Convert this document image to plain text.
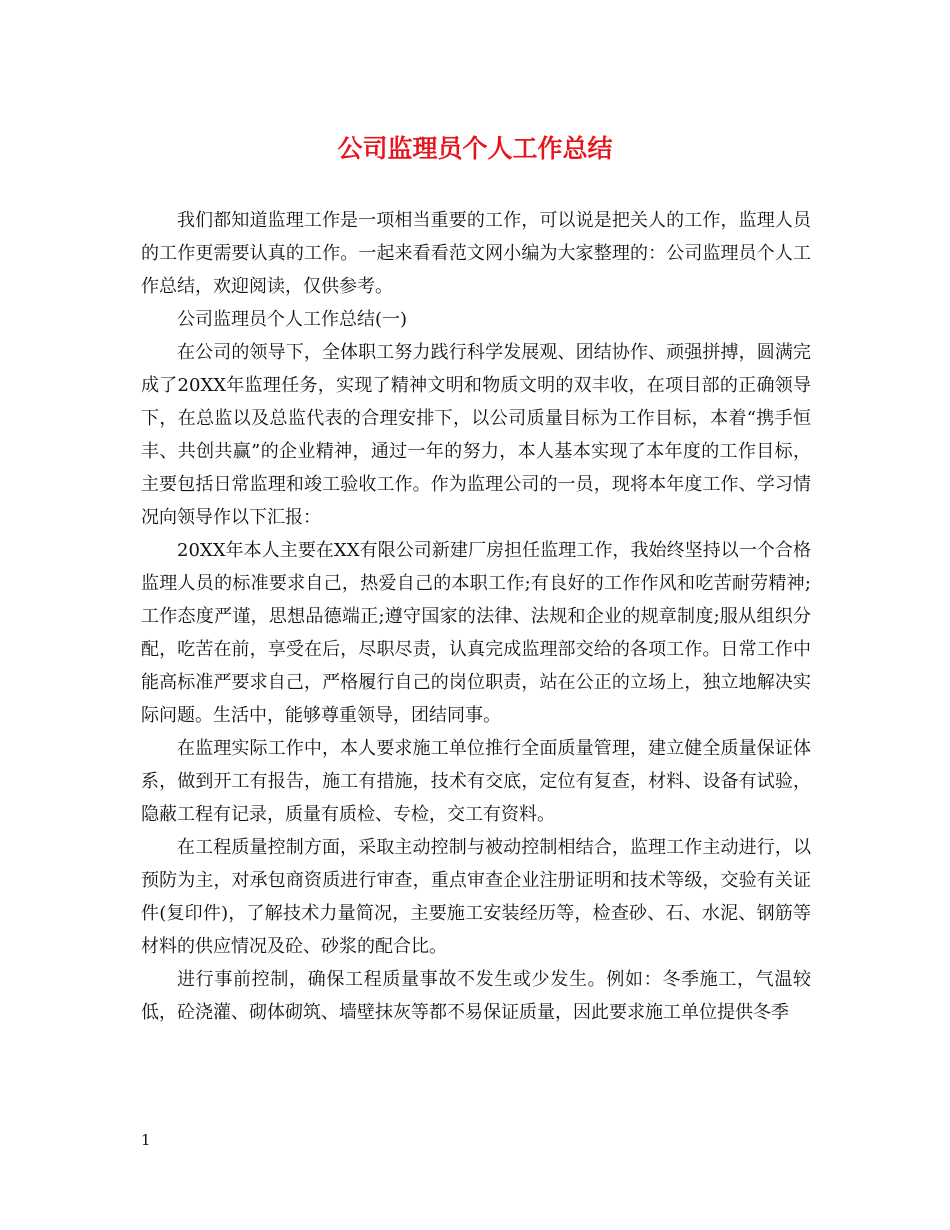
公司监理员个人工作总结

我们都知道监理工作是一项相当重要的工作，可以说是把关人的工作，监理人员的工作更需要认真的工作。一起来看看范文网小编为大家整理的：公司监理员个人工作总结，欢迎阅读，仅供参考。

公司监理员个人工作总结(一)

在公司的领导下，全体职工努力践行科学发展观、团结协作、顽强拼搏，圆满完成了20XX年监理任务，实现了精神文明和物质文明的双丰收，在项目部的正确领导下，在总监以及总监代表的合理安排下，以公司质量目标为工作目标，本着“携手恒丰、共创共赢”的企业精神，通过一年的努力，本人基本实现了本年度的工作目标，主要包括日常监理和竣工验收工作。作为监理公司的一员，现将本年度工作、学习情况向领导作以下汇报：

20XX年本人主要在XX有限公司新建厂房担任监理工作，我始终坚持以一个合格监理人员的标准要求自己，热爱自己的本职工作;有良好的工作作风和吃苦耐劳精神;工作态度严谨，思想品德端正;遵守国家的法律、法规和企业的规章制度;服从组织分配，吃苦在前，享受在后，尽职尽责，认真完成监理部交给的各项工作。日常工作中能高标准严要求自己，严格履行自己的岗位职责，站在公正的立场上，独立地解决实际问题。生活中，能够尊重领导，团结同事。

在监理实际工作中，本人要求施工单位推行全面质量管理，建立健全质量保证体系，做到开工有报告，施工有措施，技术有交底，定位有复查，材料、设备有试验，隐蔽工程有记录，质量有质检、专检，交工有资料。

在工程质量控制方面，采取主动控制与被动控制相结合，监理工作主动进行，以预防为主，对承包商资质进行审查，重点审查企业注册证明和技术等级，交验有关证件(复印件)，了解技术力量简况，主要施工安装经历等，检查砂、石、水泥、钢筋等材料的供应情况及砼、砂浆的配合比。

进行事前控制，确保工程质量事故不发生或少发生。例如：冬季施工，气温较低，砼浇灌、砌体砌筑、墙壁抹灰等都不易保证质量，因此要求施工单位提供冬季

1
